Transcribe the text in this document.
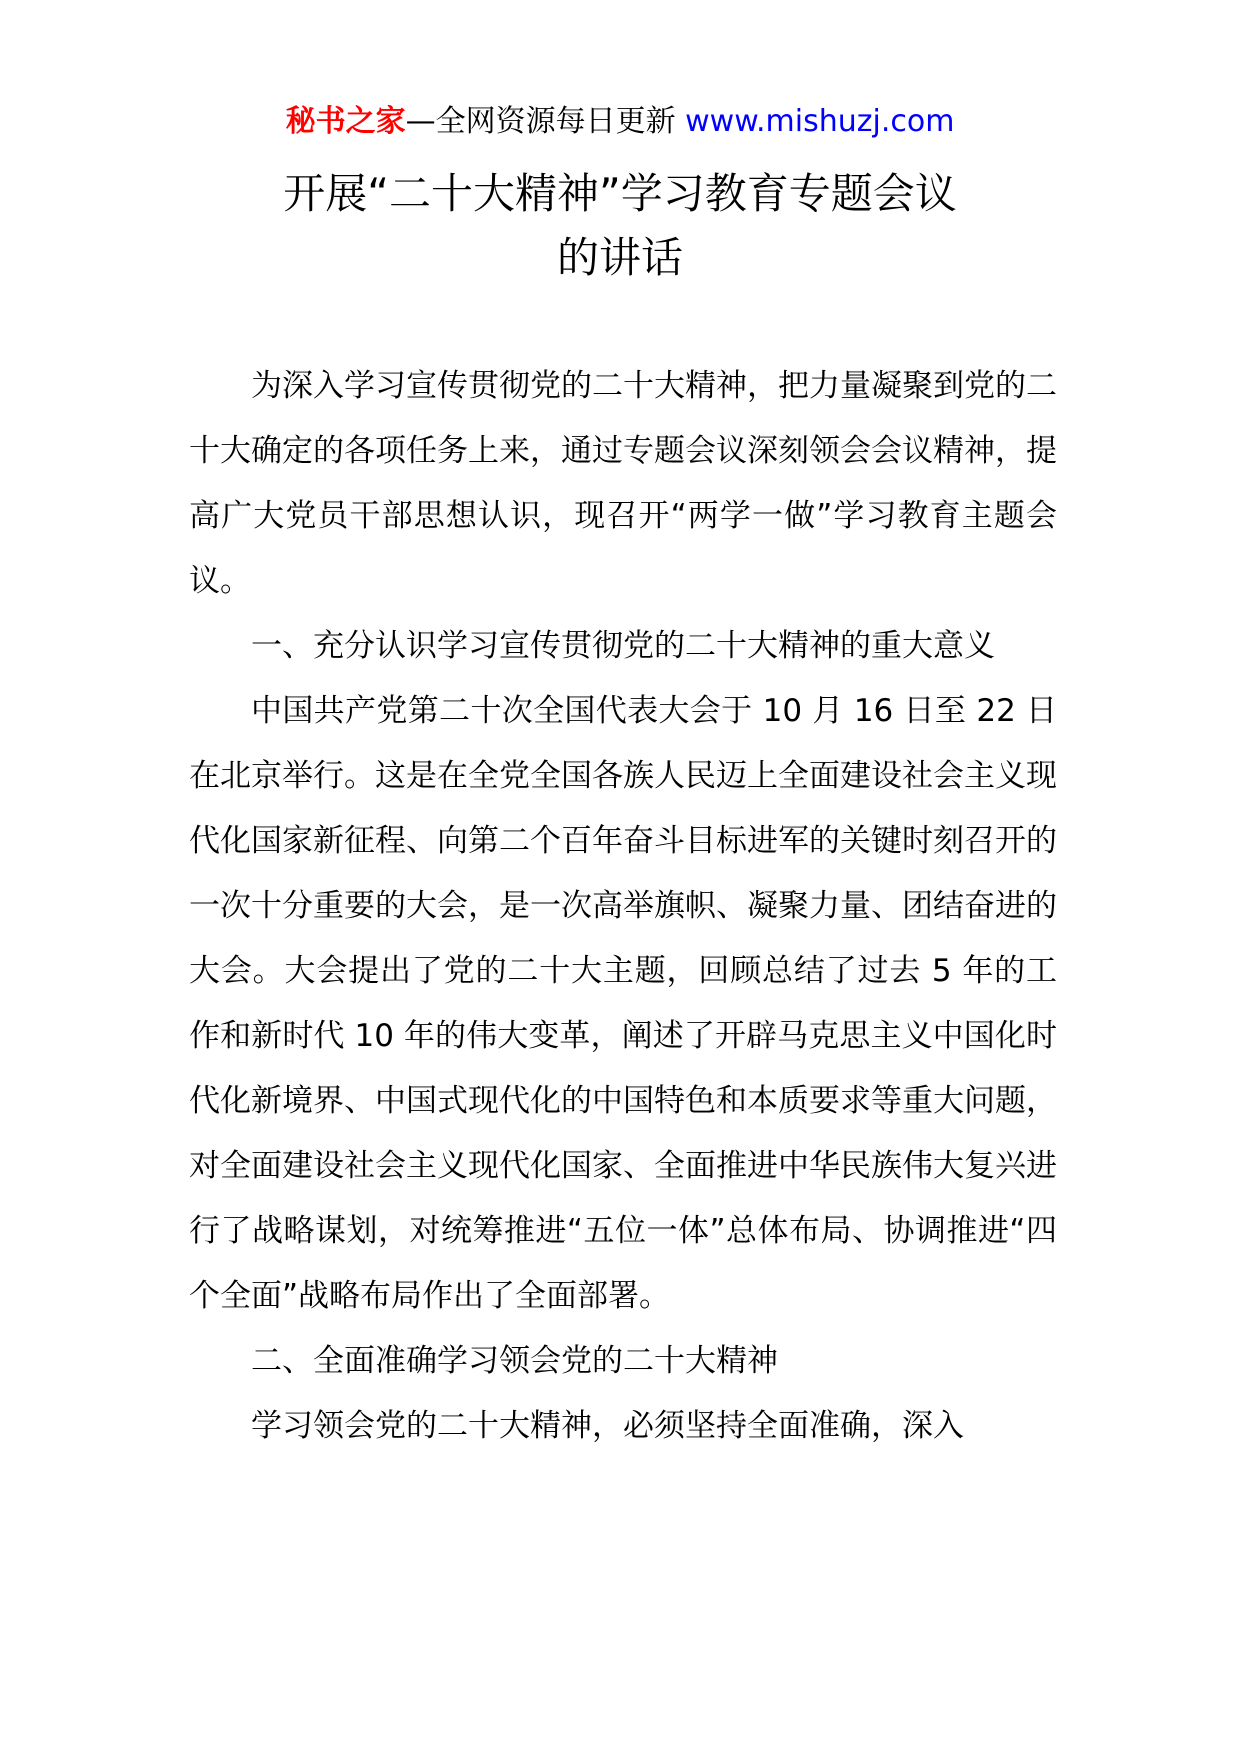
秘书之家—全网资源每日更新 www.mishuzj.com
开展“二十大精神”学习教育专题会议
的讲话

为深入学习宣传贯彻党的二十大精神，把力量凝聚到党的二十大确定的各项任务上来，通过专题会议深刻领会会议精神，提高广大党员干部思想认识，现召开“两学一做”学习教育主题会议。

一、充分认识学习宣传贯彻党的二十大精神的重大意义

中国共产党第二十次全国代表大会于 10 月 16 日至 22 日在北京举行。这是在全党全国各族人民迈上全面建设社会主义现代化国家新征程、向第二个百年奋斗目标进军的关键时刻召开的一次十分重要的大会，是一次高举旗帜、凝聚力量、团结奋进的大会。大会提出了党的二十大主题，回顾总结了过去 5 年的工作和新时代 10 年的伟大变革，阐述了开辟马克思主义中国化时代化新境界、中国式现代化的中国特色和本质要求等重大问题，对全面建设社会主义现代化国家、全面推进中华民族伟大复兴进行了战略谋划，对统筹推进“五位一体”总体布局、协调推进“四个全面”战略布局作出了全面部署。

二、全面准确学习领会党的二十大精神

学习领会党的二十大精神，必须坚持全面准确，深入
